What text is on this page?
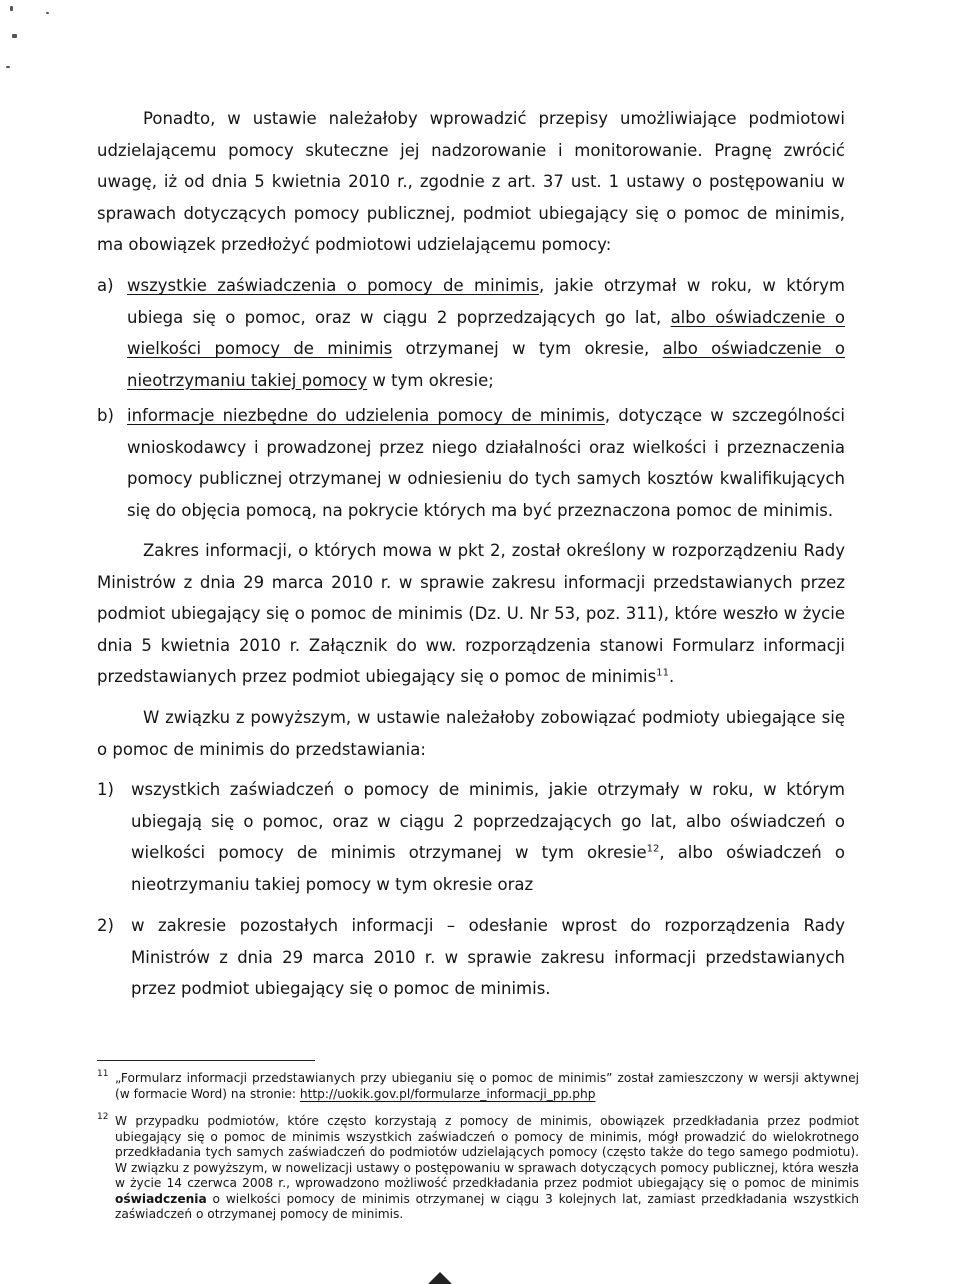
Ponadto, w ustawie należałoby wprowadzić przepisy umożliwiające podmiotowi udzielającemu pomocy skuteczne jej nadzorowanie i monitorowanie. Pragnę zwrócić uwagę, iż od dnia 5 kwietnia 2010 r., zgodnie z art. 37 ust. 1 ustawy o postępowaniu w sprawach dotyczących pomocy publicznej, podmiot ubiegający się o pomoc de minimis, ma obowiązek przedłożyć podmiotowi udzielającemu pomocy:

a) wszystkie zaświadczenia o pomocy de minimis, jakie otrzymał w roku, w którym ubiega się o pomoc, oraz w ciągu 2 poprzedzających go lat, albo oświadczenie o wielkości pomocy de minimis otrzymanej w tym okresie, albo oświadczenie o nieotrzymaniu takiej pomocy w tym okresie;
b) informacje niezbędne do udzielenia pomocy de minimis, dotyczące w szczególności wnioskodawcy i prowadzonej przez niego działalności oraz wielkości i przeznaczenia pomocy publicznej otrzymanej w odniesieniu do tych samych kosztów kwalifikujących się do objęcia pomocą, na pokrycie których ma być przeznaczona pomoc de minimis.

Zakres informacji, o których mowa w pkt 2, został określony w rozporządzeniu Rady Ministrów z dnia 29 marca 2010 r. w sprawie zakresu informacji przedstawianych przez podmiot ubiegający się o pomoc de minimis (Dz. U. Nr 53, poz. 311), które weszło w życie dnia 5 kwietnia 2010 r. Załącznik do ww. rozporządzenia stanowi Formularz informacji przedstawianych przez podmiot ubiegający się o pomoc de minimis$^{11}$.

W związku z powyższym, w ustawie należałoby zobowiązać podmioty ubiegające się o pomoc de minimis do przedstawiania:

1) wszystkich zaświadczeń o pomocy de minimis, jakie otrzymały w roku, w którym ubiegają się o pomoc, oraz w ciągu 2 poprzedzających go lat, albo oświadczeń o wielkości pomocy de minimis otrzymanej w tym okresie$^{12}$, albo oświadczeń o nieotrzymaniu takiej pomocy w tym okresie oraz
2) w zakresie pozostałych informacji – odesłanie wprost do rozporządzenia Rady Ministrów z dnia 29 marca 2010 r. w sprawie zakresu informacji przedstawianych przez podmiot ubiegający się o pomoc de minimis.
11 „Formularz informacji przedstawianych przy ubieganiu się o pomoc de minimis” został zamieszczony w wersji aktywnej (w formacie Word) na stronie: http://uokik.gov.pl/formularze_informacji_pp.php
12 W przypadku podmiotów, które często korzystają z pomocy de minimis, obowiązek przedkładania przez podmiot ubiegający się o pomoc de minimis wszystkich zaświadczeń o pomocy de minimis, mógł prowadzić do wielokrotnego przedkładania tych samych zaświadczeń do podmiotów udzielających pomocy (często także do tego samego podmiotu). W związku z powyższym, w nowelizacji ustawy o postępowaniu w sprawach dotyczących pomocy publicznej, która weszła w życie 14 czerwca 2008 r., wprowadzono możliwość przedkładania przez podmiot ubiegający się o pomoc de minimis oświadczenia o wielkości pomocy de minimis otrzymanej w ciągu 3 kolejnych lat, zamiast przedkładania wszystkich zaświadczeń o otrzymanej pomocy de minimis.
